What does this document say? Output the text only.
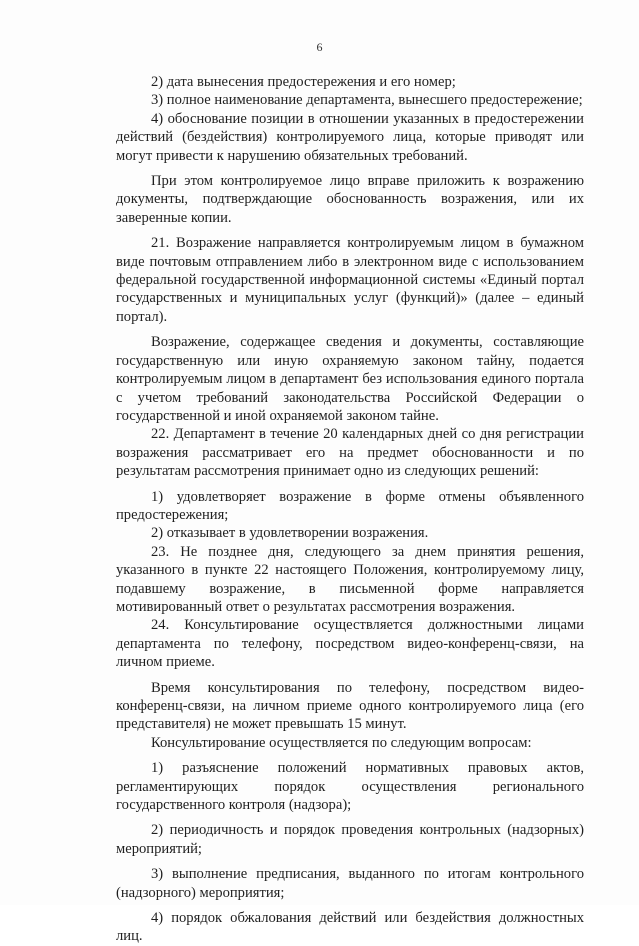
6

2) дата вынесения предостережения и его номер;

3) полное наименование департамента, вынесшего предостережение;

4) обоснование позиции в отношении указанных в предостережении действий (бездействия) контролируемого лица, которые приводят или могут привести к нарушению обязательных требований.

При этом контролируемое лицо вправе приложить к возражению документы, подтверждающие обоснованность возражения, или их заверенные копии.

21. Возражение направляется контролируемым лицом в бумажном виде почтовым отправлением либо в электронном виде с использованием федеральной государственной информационной системы «Единый портал государственных и муниципальных услуг (функций)» (далее – единый портал).

Возражение, содержащее сведения и документы, составляющие государственную или иную охраняемую законом тайну, подается контролируемым лицом в департамент без использования единого портала с учетом требований законодательства Российской Федерации о государственной и иной охраняемой законом тайне.

22. Департамент в течение 20 календарных дней со дня регистрации возражения рассматривает его на предмет обоснованности и по результатам рассмотрения принимает одно из следующих решений:

1) удовлетворяет возражение в форме отмены объявленного предостережения;

2) отказывает в удовлетворении возражения.

23. Не позднее дня, следующего за днем принятия решения, указанного в пункте 22 настоящего Положения, контролируемому лицу, подавшему возражение, в письменной форме направляется мотивированный ответ о результатах рассмотрения возражения.

24. Консультирование осуществляется должностными лицами департамента по телефону, посредством видео-конференц-связи, на личном приеме.

Время консультирования по телефону, посредством видео-конференц-связи, на личном приеме одного контролируемого лица (его представителя) не может превышать 15 минут.

Консультирование осуществляется по следующим вопросам:

1) разъяснение положений нормативных правовых актов, регламентирующих порядок осуществления регионального государственного контроля (надзора);

2) периодичность и порядок проведения контрольных (надзорных) мероприятий;

3) выполнение предписания, выданного по итогам контрольного (надзорного) мероприятия;

4) порядок обжалования действий или бездействия должностных лиц.
